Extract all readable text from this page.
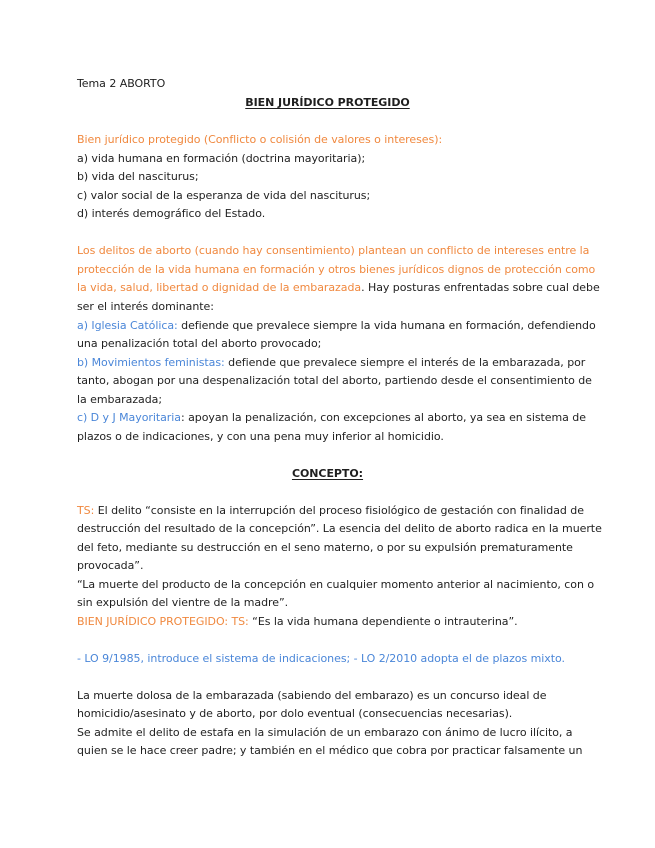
Tema 2 ABORTO
BIEN JURÍDICO PROTEGIDO
Bien jurídico protegido (Conflicto o colisión de valores o intereses):
a) vida humana en formación (doctrina mayoritaria);
b) vida del nasciturus;
c) valor social de la esperanza de vida del nasciturus;
d) interés demográfico del Estado.
Los delitos de aborto (cuando hay consentimiento) plantean un conflicto de intereses entre la
protección de la vida humana en formación y otros bienes jurídicos dignos de protección como
la vida, salud, libertad o dignidad de la embarazada. Hay posturas enfrentadas sobre cual debe
ser el interés dominante:
a) Iglesia Católica: defiende que prevalece siempre la vida humana en formación, defendiendo
una penalización total del aborto provocado;
b) Movimientos feministas: defiende que prevalece siempre el interés de la embarazada, por
tanto, abogan por una despenalización total del aborto, partiendo desde el consentimiento de
la embarazada;
c) D y J Mayoritaria: apoyan la penalización, con excepciones al aborto, ya sea en sistema de
plazos o de indicaciones, y con una pena muy inferior al homicidio.
CONCEPTO:
TS: El delito “consiste en la interrupción del proceso fisiológico de gestación con finalidad de
destrucción del resultado de la concepción”. La esencia del delito de aborto radica en la muerte
del feto, mediante su destrucción en el seno materno, o por su expulsión prematuramente
provocada”.
“La muerte del producto de la concepción en cualquier momento anterior al nacimiento, con o
sin expulsión del vientre de la madre”.
BIEN JURÍDICO PROTEGIDO: TS: “Es la vida humana dependiente o intrauterina”.
- LO 9/1985, introduce el sistema de indicaciones; - LO 2/2010 adopta el de plazos mixto.
La muerte dolosa de la embarazada (sabiendo del embarazo) es un concurso ideal de
homicidio/asesinato y de aborto, por dolo eventual (consecuencias necesarias).
Se admite el delito de estafa en la simulación de un embarazo con ánimo de lucro ilícito, a
quien se le hace creer padre; y también en el médico que cobra por practicar falsamente un
